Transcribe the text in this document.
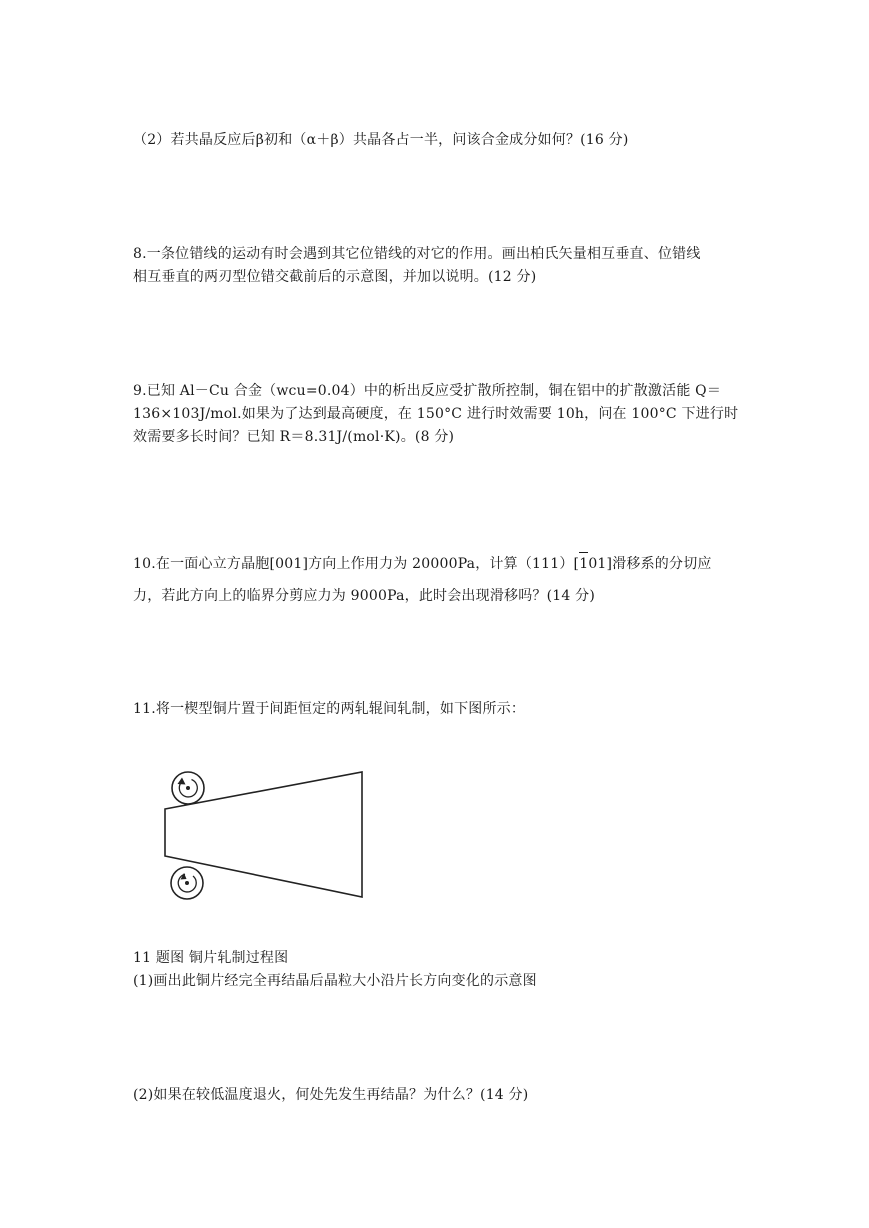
（2）若共晶反应后β初和（α＋β）共晶各占一半，问该合金成分如何？(16 分)
8.一条位错线的运动有时会遇到其它位错线的对它的作用。画出柏氏矢量相互垂直、位错线
相互垂直的两刃型位错交截前后的示意图，并加以说明。(12 分)
9.已知 Al－Cu 合金（wcu=0.04）中的析出反应受扩散所控制，铜在铝中的扩散激活能 Q＝
136×103J/mol.如果为了达到最高硬度，在 150°C 进行时效需要 10h，问在 100°C 下进行时
效需要多长时间？已知 R＝8.31J/(mol·K)。(8 分)
10.在一面心立方晶胞[001]方向上作用力为 20000Pa，计算（111）[101]滑移系的分切应
力，若此方向上的临界分剪应力为 9000Pa，此时会出现滑移吗？(14 分)
11.将一楔型铜片置于间距恒定的两轧辊间轧制，如下图所示：
11 题图 铜片轧制过程图
(1)画出此铜片经完全再结晶后晶粒大小沿片长方向变化的示意图
(2)如果在较低温度退火，何处先发生再结晶？为什么？(14 分)
